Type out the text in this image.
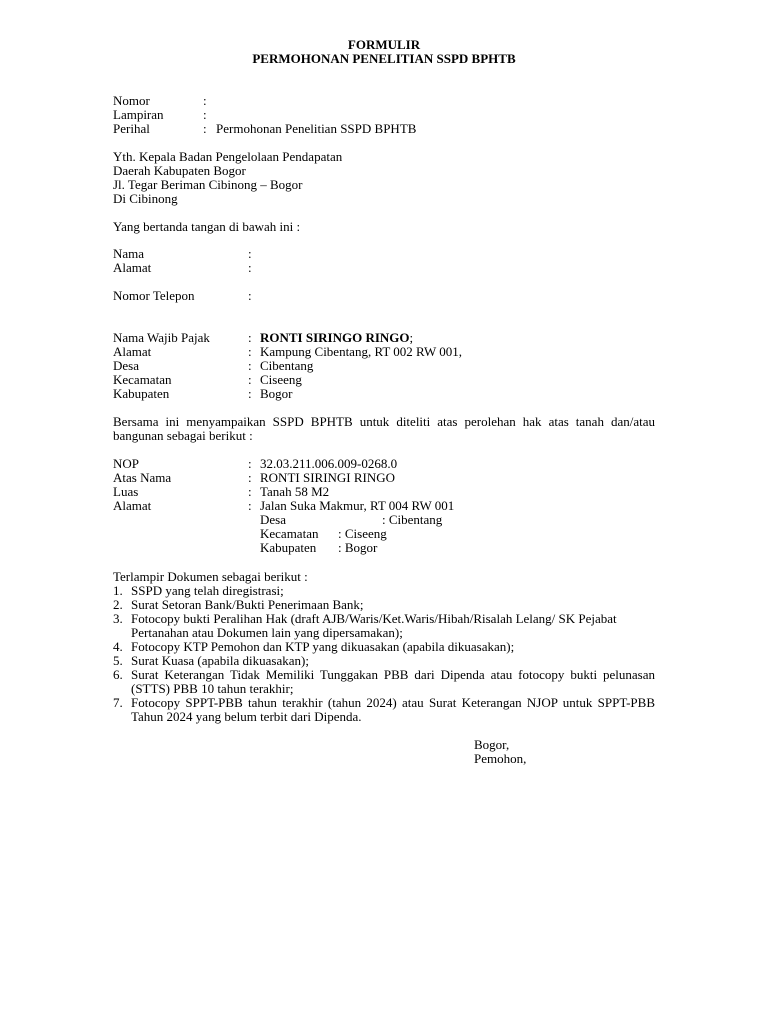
FORMULIR
PERMOHONAN PENELITIAN SSPD BPHTB
Nomor	:
Lampiran	:
Perihal	: Permohonan Penelitian SSPD BPHTB
Yth. Kepala Badan Pengelolaan Pendapatan
Daerah Kabupaten Bogor
Jl. Tegar Beriman Cibinong – Bogor
Di Cibinong
Yang bertanda tangan di bawah ini :
Nama	:
Alamat	:
Nomor Telepon	:
Nama Wajib Pajak	: RONTI SIRINGO RINGO;
Alamat	: Kampung Cibentang, RT 002 RW 001,
Desa	: Cibentang
Kecamatan	: Ciseeng
Kabupaten	: Bogor
Bersama ini menyampaikan SSPD BPHTB untuk diteliti atas perolehan hak atas tanah dan/atau bangunan sebagai berikut :
NOP	: 32.03.211.006.009-0268.0
Atas Nama	: RONTI SIRINGI RINGO
Luas	: Tanah 58 M2
Alamat	: Jalan Suka Makmur, RT 004 RW 001
Desa	: Cibentang
Kecamatan : Ciseeng
Kabupaten : Bogor
Terlampir Dokumen sebagai berikut :
1. SSPD yang telah diregistrasi;
2. Surat Setoran Bank/Bukti Penerimaan Bank;
3. Fotocopy bukti Peralihan Hak (draft AJB/Waris/Ket.Waris/Hibah/Risalah Lelang/ SK Pejabat Pertanahan atau Dokumen lain yang dipersamakan);
4. Fotocopy KTP Pemohon dan KTP yang dikuasakan (apabila dikuasakan);
5. Surat Kuasa (apabila dikuasakan);
6. Surat Keterangan Tidak Memiliki Tunggakan PBB dari Dipenda atau fotocopy bukti pelunasan (STTS) PBB 10 tahun terakhir;
7. Fotocopy SPPT-PBB tahun terakhir (tahun 2024) atau Surat Keterangan NJOP untuk SPPT-PBB Tahun 2024 yang belum terbit dari Dipenda.
Bogor,
Pemohon,
